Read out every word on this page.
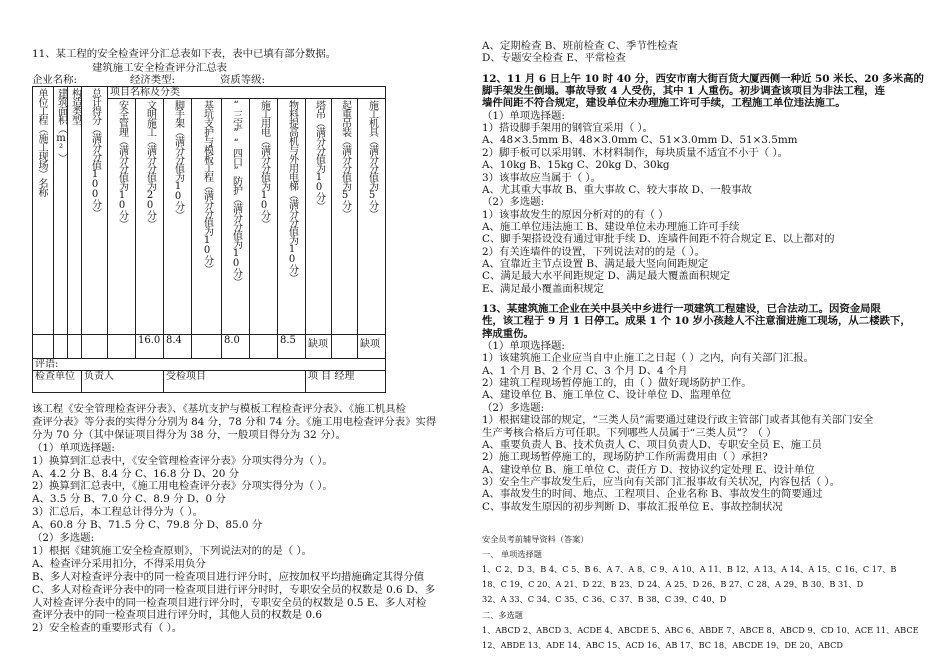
11、某工程的安全检查评分汇总表如下表，表中已填有部分数据。
建筑施工安全检查评分汇总表
企业名称:	经济类型:	资质等级:
单位工程（施工现场）名称	建筑面积（m²）	构造类型	总计得分（满分分值100分）	项目名称及分类									
				安全管理（满分分值为10分）	文明施工（满分分值为20分）	脚手架（满分分值为10分）	基坑支护与模板工程（满分分值为10分）	“三宝”“四口”防护（满分分值为10分）	施工用电（满分分值为10分）	物料提高机与外用电梯（满分分值为10分）	塔吊（满分分值为10分）	起重吊装（满分分值为5分）	施工机具（满分分值为5分）
					16.0	8.4		8.0		8.5	缺项		缺项
评语:													
检查单位			负责人			受检项目					项 目 经理		
该工程《安全管理检查评分表》、《基坑支护与模板工程检查评分表》、《施工机具检
查评分表》等分表的实得分分别为 84 分，78 分和 74 分。《施工用电检查评分表》实得
分为 70 分（其中保证项目得分为 38 分，一般项目得分为 32 分）。
（1）单项选择题:
1）换算到汇总表中，《安全管理检查评分表》分项实得分为（ ）。
A、4.2 分 B、8.4 分 C、16.8 分 D、20 分
2）换算到汇总表中，《施工用电检查评分表》分项实得分为（ ）。
A、3.5 分 B、7.0 分 C、8.9 分 D、0 分
3）汇总后，本工程总计得分为（ ）。
A、60.8 分 B、71.5 分 C、79.8 分 D、85.0 分
（2）多选题:
1）根据《建筑施工安全检查原则》，下列说法对的的是（ ）。
A、检查评分采用扣分，不得采用负分
B、多人对检查评分表中的同一检查项目进行评分时，应按加权平均措施确定其得分值
C、多人对检查评分表中的同一检查项目进行评分时时，专职安全员的权数是 0.6 D、多
人对检查评分表中的同一检查项目进行评分时，专职安全员的权数是 0.5 E、多人对检
查评分表中的同一检查项目进行评分时，其他人员的权数是 0.6
2）安全检查的重要形式有（ ）。
A、定期检查 B、班前检查 C、季节性检查
D、专题安全检查 E、平常检查
12、11 月 6 日上午 10 时 40 分，西安市南大街百货大厦西侧一种近 50 米长、20 多米高的
脚手架发生倒塌。事故导致 4 人受伤，其中 1 人重伤。初步调查该项目为非法工程，连
墙件间距不符合规定，建设单位未办理施工许可手续，工程施工单位违法施工。
（1）单项选择题:
1）搭设脚手架用的钢管宜采用（ ）。
A、48×3.5mm B、48×3.0mm C、51×3.0mm D、51×3.5mm
2）脚手板可以采用钢、木材料制作，每块质量不适宜不小于（ ）。
A、10kg B、15kg C、20kg D、30kg
3）该事故应当属于（ ）。
A、尤其重大事故 B、重大事故 C、较大事故 D、一般事故
（2）多选题:
1）该事故发生的原因分析对的的有（ ）
A、施工单位违法施工 B、建设单位未办理施工许可手续
C、脚手架搭设没有通过审批手续 D、连墙件间距不符合规定 E、以上都对的
2）有关连墙件的设置，下列说法对的的是（ ）。
A、宜靠近主节点设置 B、满足最大竖向间距规定
C、满足最大水平间距规定 D、满足最大覆盖面积规定
E、满足最小覆盖面积规定
13、某建筑施工企业在关中县关中乡进行一项建筑工程建设，已合法动工。因资金局限
性，该工程于 9 月 1 日停工。成果 1 个 10 岁小孩趁人不注意溜进施工现场，从二楼跌下，
摔成重伤。
（1）单项选择题:
1）该建筑施工企业应当自中止施工之日起（ ）之内，向有关部门汇报。
A、1 个月 B、2 个月 C、3 个月 D、4 个月
2）建筑工程现场暂停施工的，由（ ）做好现场防护工作。
A、建设单位 B、施工单位 C、设计单位 D、监理单位
（2）多选题:
1）根据建设部的规定，“三类人员”需要通过建设行政主管部门或者其他有关部门安全
生产考核合格后方可任职。下列哪些人员属于“三类人员”？（ ）
A、重要负责人 B、技术负责人 C、项目负责人D、专职安全员 E、施工员
2）施工现场暂停施工的，现场防护工作所需费用由（ ）承担?
A、建设单位 B、施工单位 C、责任方 D、按协议约定处理 E、设计单位
3）安全生产事故发生后，应当向有关部门汇报事故有关状况，内容包括（ ）。
A、事故发生的时间、地点、工程项目、企业名称 B、事故发生的简要通过
C、事故发生原因的初步判断 D、事故汇报单位 E、事故控制状况
安全员考前辅导资料（答案）
一、 单项选择题
1、C 2、D 3、B 4、C 5、B 6、A 7、A 8、C 9、A 10、A 11、B 12、A 13、A 14、A 15、C 16、C 17、B
18、C 19、C 20、A 21、D 22、B 23、D 24、A 25、D 26、B 27、C 28、A 29、B 30、B 31、D
32、A 33、C 34、C 35、C 36、C 37、B 38、C 39、C 40、D
二、多选题
1、ABCD 2、ABCD 3、ACDE 4、ABCDE 5、ABC 6、ABDE 7、ABCE 8、ABCD 9、CD 10、ACE 11、ABCE
12、ABDE 13、ADE 14、ABC 15、ACD 16、AB 17、BC 18、ABCDE 19、DE 20、ABCD
